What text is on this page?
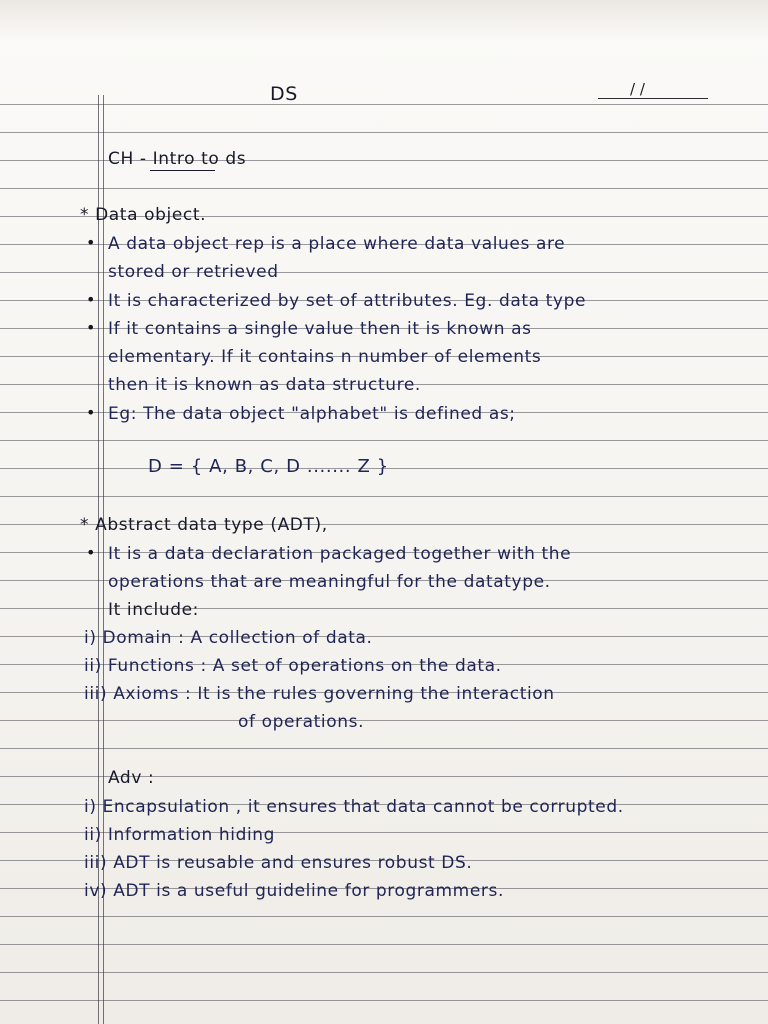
DS	/ /
CH - Intro to ds
* Data object.
• A data object rep is a place where data values are
stored or retrieved
• It is characterized by set of attributes. Eg. data type
• If it contains a single value then it is known as
elementary. If it contains n number of elements
then it is known as data structure.
• Eg: The data object "alphabet" is defined as;
D = { A, B, C, D ....... Z }
* Abstract data type (ADT),
• It is a data declaration packaged together with the
operations that are meaningful for the datatype.
It include:
i) Domain : A collection of data.
ii) Functions : A set of operations on the data.
iii) Axioms : It is the rules governing the interaction
of operations.
Adv :
i) Encapsulation , it ensures that data cannot be corrupted.
ii) Information hiding
iii) ADT is reusable and ensures robust DS.
iv) ADT is a useful guideline for programmers.
